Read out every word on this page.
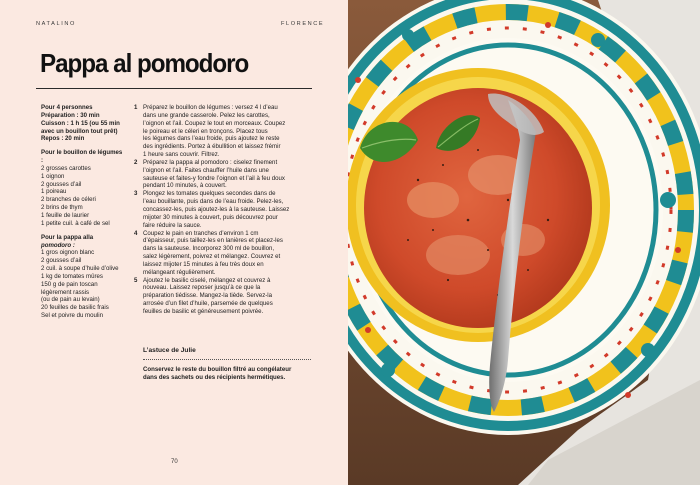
NATALINO	FLORENCE
Pappa al pomodoro
Pour 4 personnes
Préparation : 30 min
Cuisson : 1 h 15 (ou 55 min
avec un bouillon tout prêt)
Repos : 20 min
Pour le bouillon de légumes :
2 grosses carottes
1 oignon
2 gousses d’ail
1 poireau
2 branches de céleri
2 brins de thym
1 feuille de laurier
1 petite cuil. à café de sel
Pour la pappa alla
pomodoro :
1 gros oignon blanc
2 gousses d’ail
2 cuil. à soupe d’huile d’olive
1 kg de tomates mûres
150 g de pain toscan
légèrement rassis
(ou de pain au levain)
20 feuilles de basilic frais
Sel et poivre du moulin
1 Préparez le bouillon de légumes : versez 4 l d’eau
dans une grande casserole. Pelez les carottes,
l’oignon et l’ail. Coupez le tout en morceaux. Coupez
le poireau et le céleri en tronçons. Placez tous
les légumes dans l’eau froide, puis ajoutez le reste
des ingrédients. Portez à ébullition et laissez frémir
1 heure sans couvrir. Filtrez.
2 Préparez la pappa al pomodoro : ciselez finement
l’oignon et l’ail. Faites chauffer l’huile dans une
sauteuse et faites-y fondre l’oignon et l’ail à feu doux
pendant 10 minutes, à couvert.
3 Plongez les tomates quelques secondes dans de
l’eau bouillante, puis dans de l’eau froide. Pelez-les,
concassez-les, puis ajoutez-les à la sauteuse. Laissez
mijoter 30 minutes à couvert, puis découvrez pour
faire réduire la sauce.
4 Coupez le pain en tranches d’environ 1 cm
d’épaisseur, puis taillez-les en lanières et placez-les
dans la sauteuse. Incorporez 300 ml de bouillon,
salez légèrement, poivrez et mélangez. Couvrez et
laissez mijoter 15 minutes à feu très doux en
mélangeant régulièrement.
5 Ajoutez le basilic ciselé, mélangez et couvrez à
nouveau. Laissez reposer jusqu’à ce que la
préparation tiédisse. Mangez-la tiède. Servez-la
arrosée d’un filet d’huile, parsemée de quelques
feuilles de basilic et généreusement poivrée.
L’astuce de Julie
Conservez le reste du bouillon filtré au congélateur
dans des sachets ou des récipients hermétiques.
70
